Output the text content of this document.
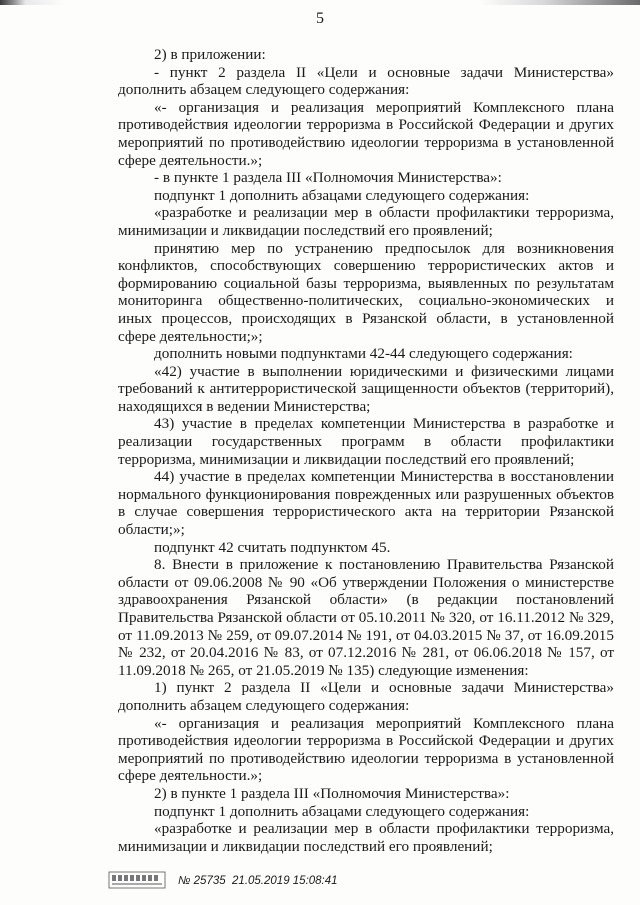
5

2) в приложении:

- пункт 2 раздела II «Цели и основные задачи Министерства» дополнить абзацем следующего содержания:

«- организация и реализация мероприятий Комплексного плана противодействия идеологии терроризма в Российской Федерации и других мероприятий по противодействию идеологии терроризма в установленной сфере деятельности.»;

- в пункте 1 раздела III «Полномочия Министерства»:

подпункт 1 дополнить абзацами следующего содержания:

«разработке и реализации мер в области профилактики терроризма, минимизации и ликвидации последствий его проявлений;

принятию мер по устранению предпосылок для возникновения конфликтов, способствующих совершению террористических актов и формированию социальной базы терроризма, выявленных по результатам мониторинга общественно-политических, социально-экономических и иных процессов, происходящих в Рязанской области, в установленной сфере деятельности;»;

дополнить новыми подпунктами 42-44 следующего содержания:

«42) участие в выполнении юридическими и физическими лицами требований к антитеррористической защищенности объектов (территорий), находящихся в ведении Министерства;

43) участие в пределах компетенции Министерства в разработке и реализации государственных программ в области профилактики терроризма, минимизации и ликвидации последствий его проявлений;

44) участие в пределах компетенции Министерства в восстановлении нормального функционирования поврежденных или разрушенных объектов в случае совершения террористического акта на территории Рязанской области;»;

подпункт 42 считать подпунктом 45.

8. Внести в приложение к постановлению Правительства Рязанской области от 09.06.2008 № 90 «Об утверждении Положения о министерстве здравоохранения Рязанской области» (в редакции постановлений Правительства Рязанской области от 05.10.2011 № 320, от 16.11.2012 № 329, от 11.09.2013 № 259, от 09.07.2014 № 191, от 04.03.2015 № 37, от 16.09.2015 № 232, от 20.04.2016 № 83, от 07.12.2016 № 281, от 06.06.2018 № 157, от 11.09.2018 № 265, от 21.05.2019 № 135) следующие изменения:

1) пункт 2 раздела II «Цели и основные задачи Министерства» дополнить абзацем следующего содержания:

«- организация и реализация мероприятий Комплексного плана противодействия идеологии терроризма в Российской Федерации и других мероприятий по противодействию идеологии терроризма в установленной сфере деятельности.»;

2) в пункте 1 раздела III «Полномочия Министерства»:

подпункт 1 дополнить абзацами следующего содержания:

«разработке и реализации мер в области профилактики терроризма, минимизации и ликвидации последствий его проявлений;

№ 25735 21.05.2019 15:08:41
